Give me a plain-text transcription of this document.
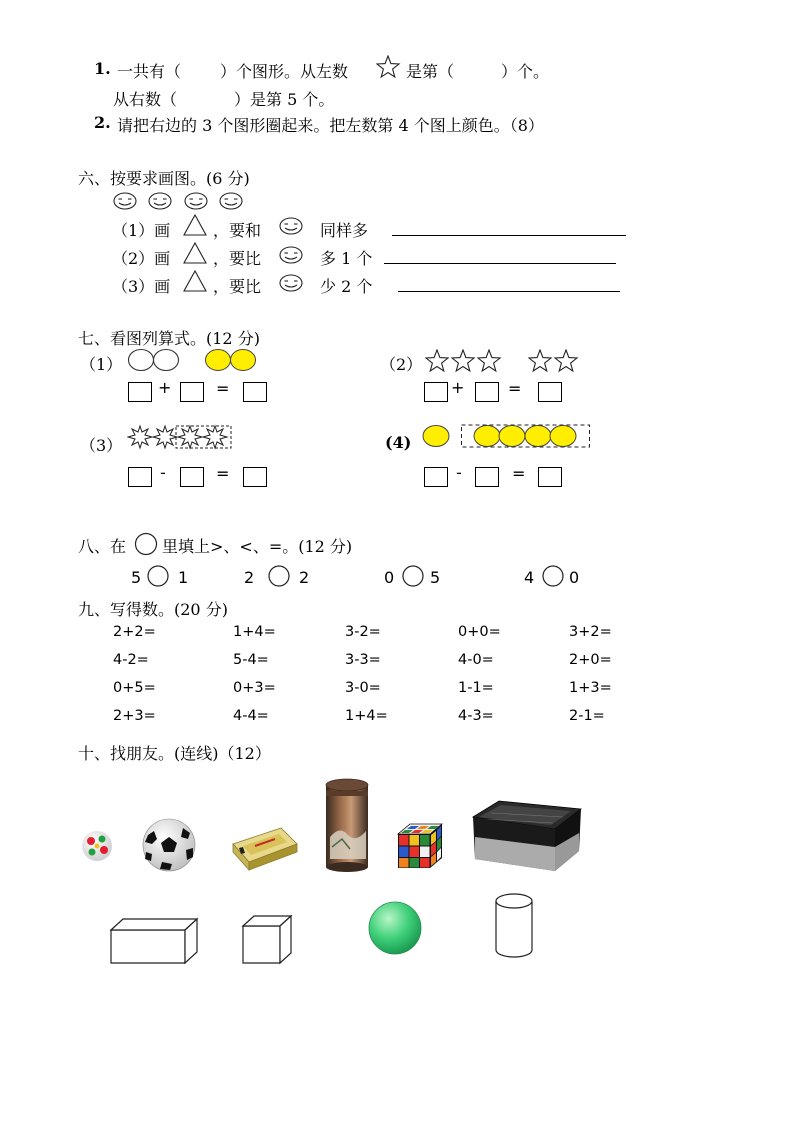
1. 一共有（ ）个图形。从左数	是第（	）个。
从右数（	）是第 5 个。
2. 请把右边的 3 个图形圈起来。把左数第 4 个图上颜色。（8）
六、按要求画图。(6 分)
（1）画	，要和	同样多
（2）画	，要比	多 1 个
（3）画	，要比	少 2 个
七、看图列算式。(12 分)
（1）
+	=
（2）
+	=
（3）
-	=
(4)
-	=
八、在 里填上>、<、=。(12 分)
5 1	2	2	0 5	4 0
九、写得数。(20 分)
2+2=	1+4=	3-2=	0+0=	3+2=
4-2=	5-4=	3-3=	4-0=	2+0=
0+5=	0+3=	3-0=	1-1=	1+3=
2+3=	4-4=	1+4=	4-3=	2-1=
十、找朋友。(连线)（12）
